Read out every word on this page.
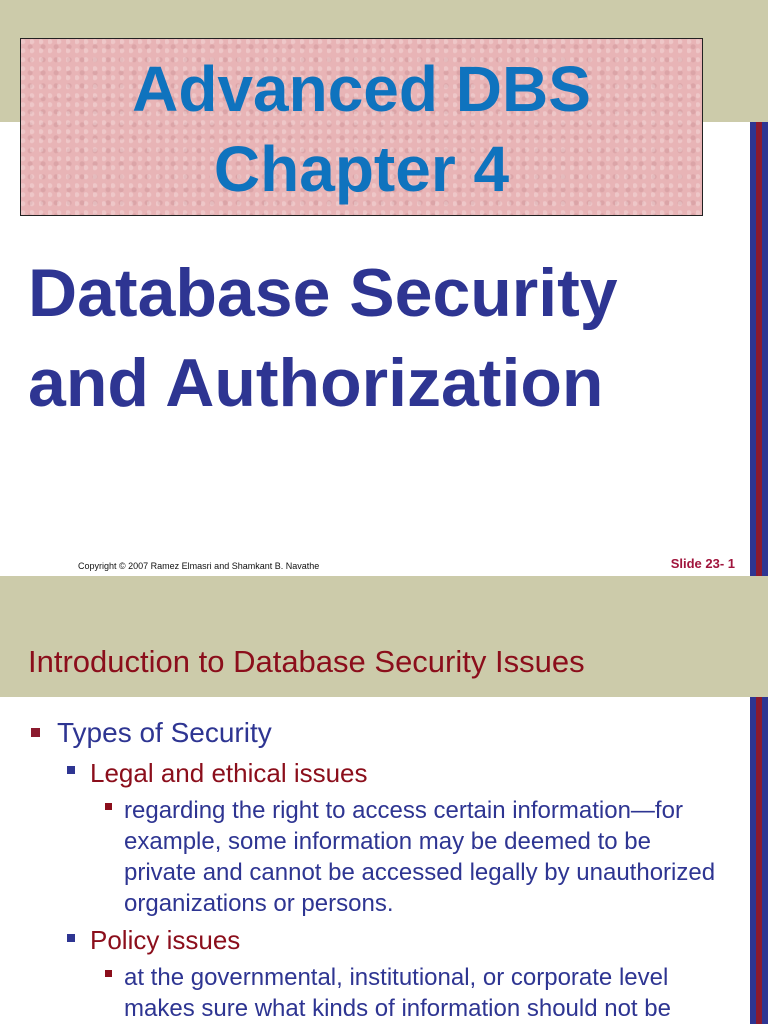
Advanced DBS
Chapter 4
Database Security
and Authorization
Copyright © 2007 Ramez Elmasri and Shamkant B. Navathe	Slide 23- 1
Introduction to Database Security Issues
Types of Security
Legal and ethical issues
regarding the right to access certain information—for example, some information may be deemed to be private and cannot be accessed legally by unauthorized organizations or persons.
Policy issues
at the governmental, institutional, or corporate level makes sure what kinds of information should not be
